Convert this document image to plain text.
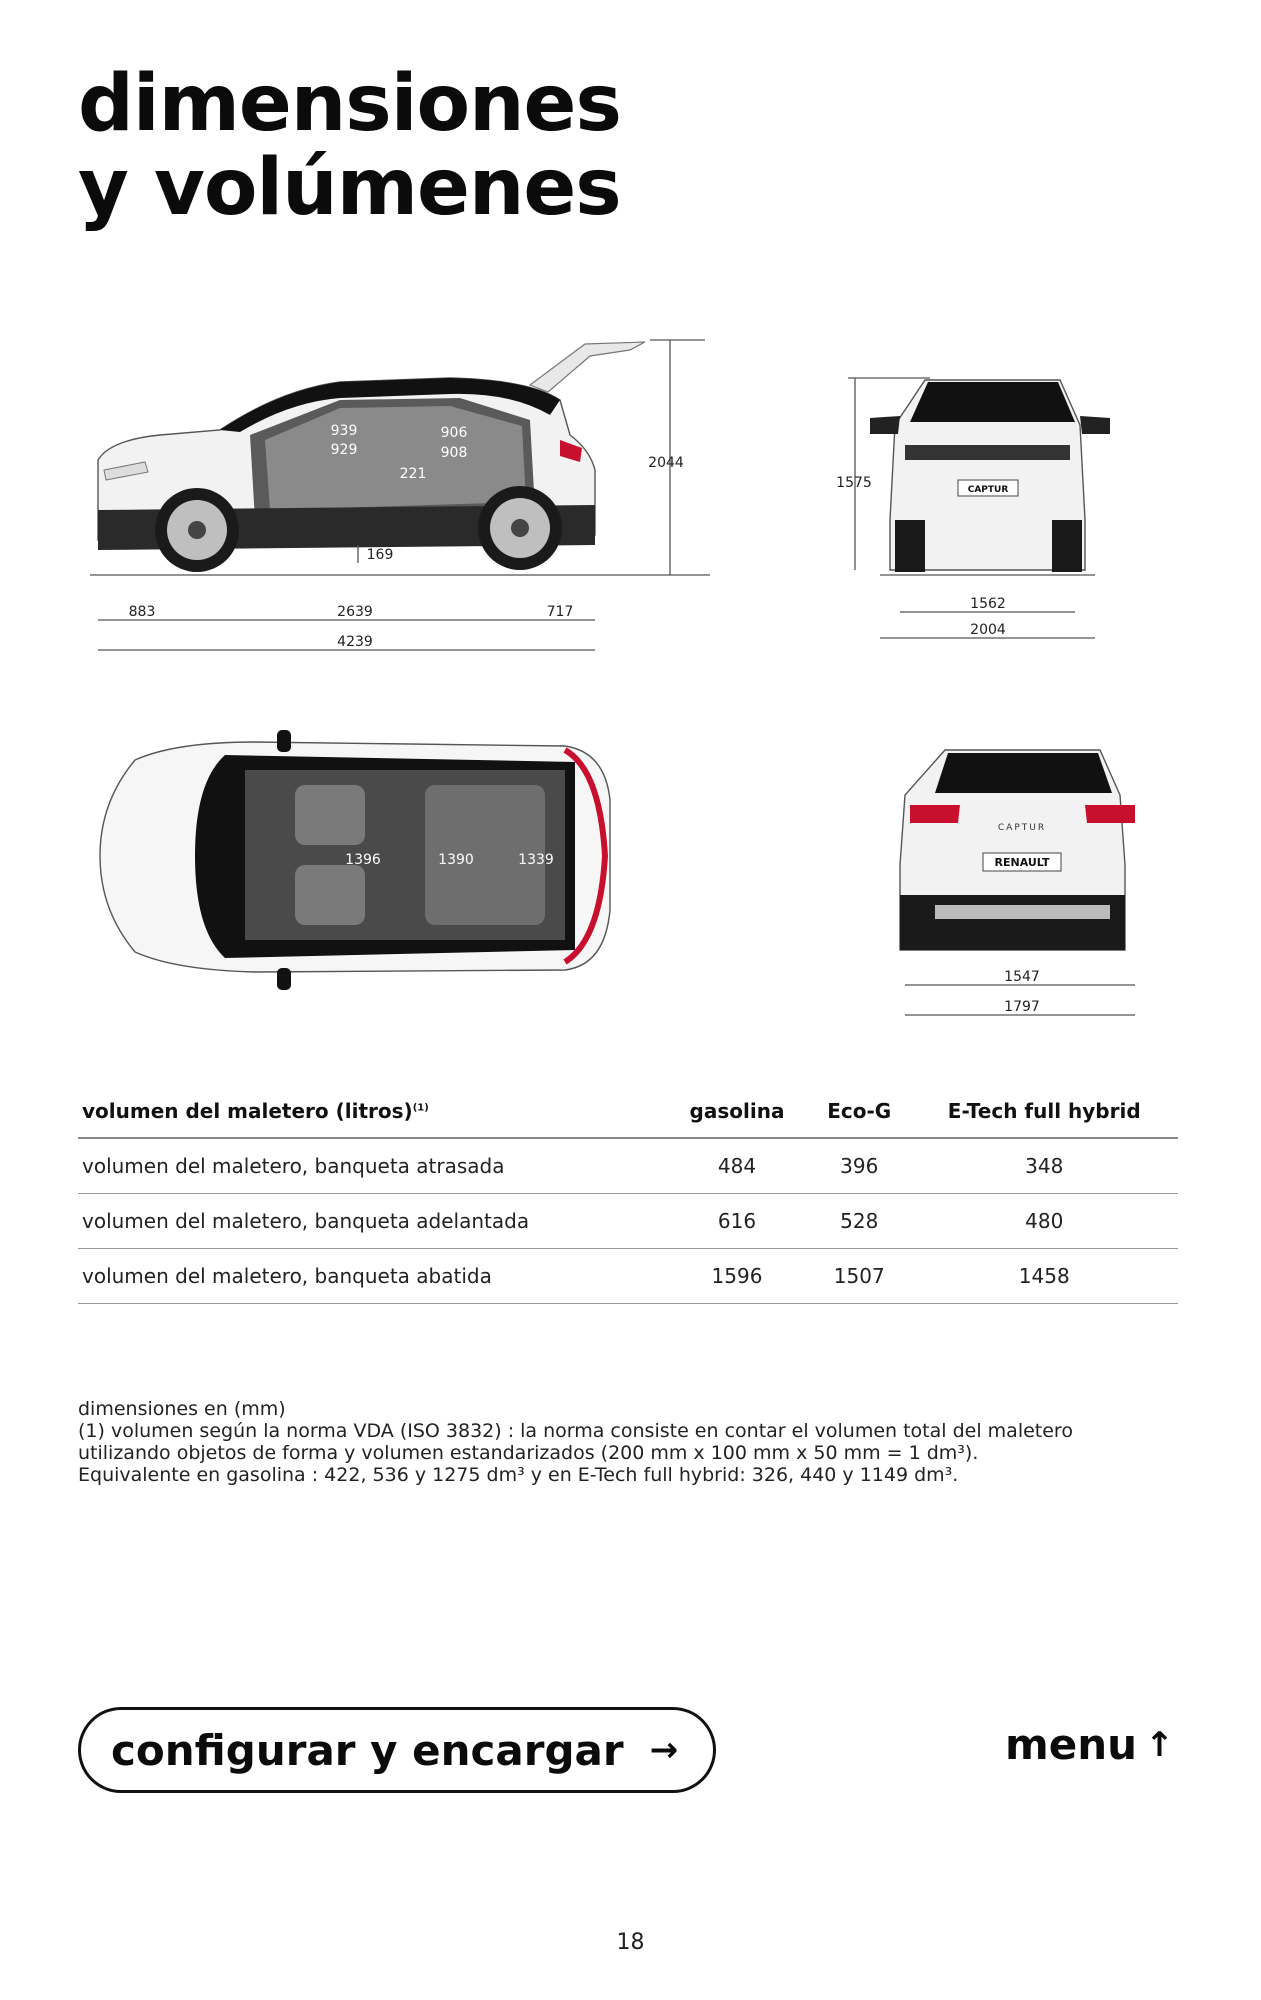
dimensiones
y volúmenes
939
929
906
908
221
169
2044
883	2639	717
4239
1575	CAPTUR
1562
2004
1396	1390	1339
CAPTUR
RENAULT
1547
1797
volumen del maletero (litros)$^{(1)}$	gasolina	Eco-G	E-Tech full hybrid
volumen del maletero, banqueta atrasada	484	396	348
volumen del maletero, banqueta adelantada	616	528	480
volumen del maletero, banqueta abatida	1596	1507	1458
dimensiones en (mm)
(1) volumen según la norma VDA (ISO 3832) : la norma consiste en contar el volumen total del maletero
utilizando objetos de forma y volumen estandarizados (200 mm x 100 mm x 50 mm = 1 dm³).
Equivalente en gasolina : 422, 536 y 1275 dm³ y en E-Tech full hybrid: 326, 440 y 1149 dm³.
configurar y encargar →	menu ↑
18
